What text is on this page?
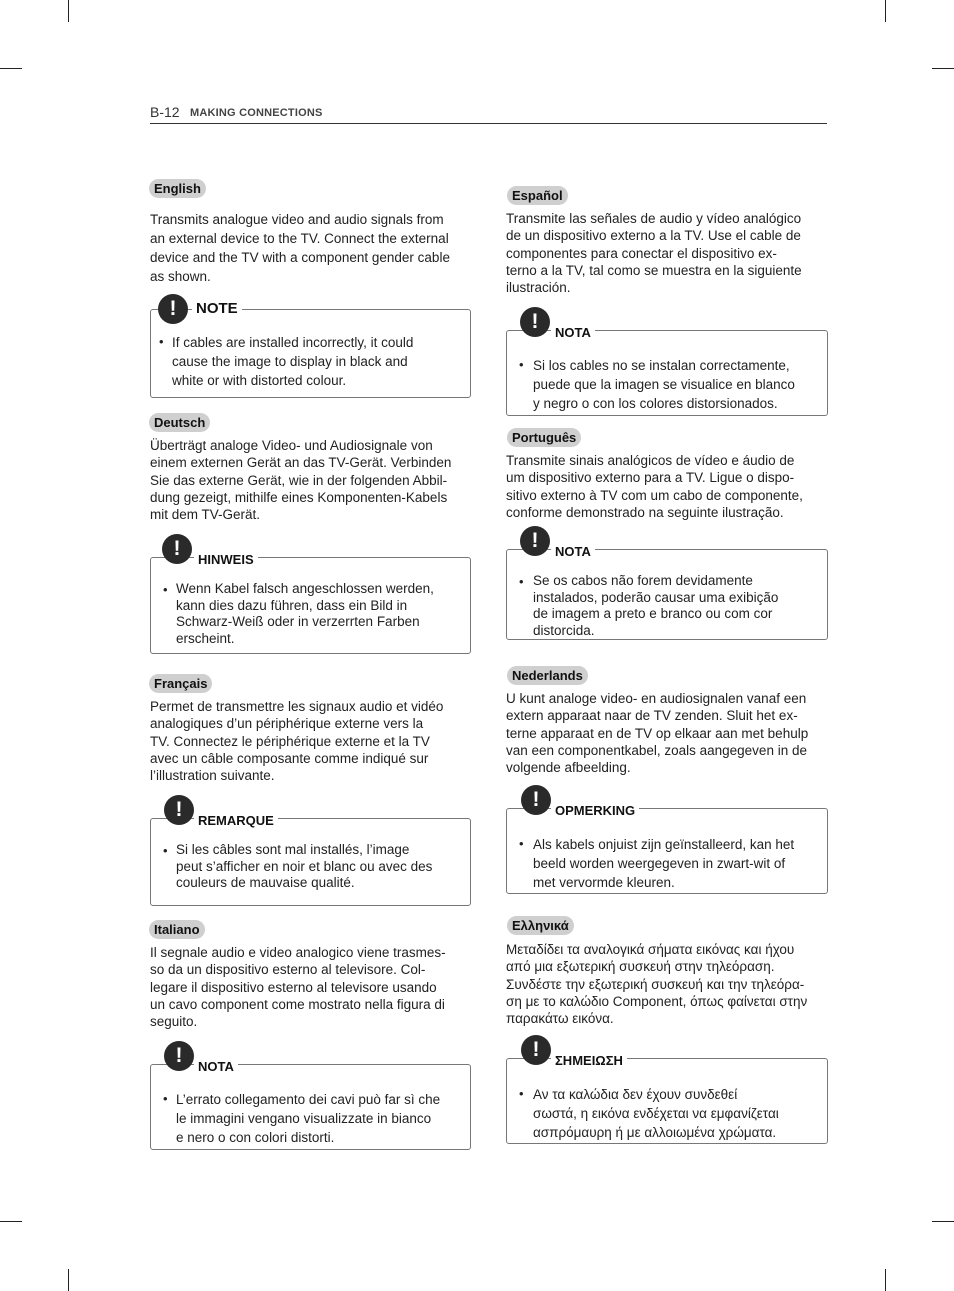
B-12 MAKING CONNECTIONS
English
Transmits analogue video and audio signals from
an external device to the TV. Connect the external
device and the TV with a component gender cable
as shown.
!	NOTE
• If cables are installed incorrectly, it could
cause the image to display in black and
white or with distorted colour.
Deutsch
Überträgt analoge Video- und Audiosignale von
einem externen Gerät an das TV-Gerät. Verbinden
Sie das externe Gerät, wie in der folgenden Abbil-
dung gezeigt, mithilfe eines Komponenten-Kabels
mit dem TV-Gerät.
!	HINWEIS
• Wenn Kabel falsch angeschlossen werden,
kann dies dazu führen, dass ein Bild in
Schwarz-Weiß oder in verzerrten Farben
erscheint.
Français
Permet de transmettre les signaux audio et vidéo
analogiques d’un périphérique externe vers la
TV. Connectez le périphérique externe et la TV
avec un câble composante comme indiqué sur
l’illustration suivante.
!	REMARQUE
• Si les câbles sont mal installés, l’image
peut s’afficher en noir et blanc ou avec des
couleurs de mauvaise qualité.
Italiano
Il segnale audio e video analogico viene trasmes-
so da un dispositivo esterno al televisore. Col-
legare il dispositivo esterno al televisore usando
un cavo component come mostrato nella figura di
seguito.
!	NOTA
• L’errato collegamento dei cavi può far sì che
le immagini vengano visualizzate in bianco
e nero o con colori distorti.
Español
Transmite las señales de audio y vídeo analógico
de un dispositivo externo a la TV. Use el cable de
componentes para conectar el dispositivo ex-
terno a la TV, tal como se muestra en la siguiente
ilustración.
!	NOTA
• Si los cables no se instalan correctamente,
puede que la imagen se visualice en blanco
y negro o con los colores distorsionados.
Português
Transmite sinais analógicos de vídeo e áudio de
um dispositivo externo para a TV. Ligue o dispo-
sitivo externo à TV com um cabo de componente,
conforme demonstrado na seguinte ilustração.
!	NOTA
• Se os cabos não forem devidamente
instalados, poderão causar uma exibição
de imagem a preto e branco ou com cor
distorcida.
Nederlands
U kunt analoge video- en audiosignalen vanaf een
extern apparaat naar de TV zenden. Sluit het ex-
terne apparaat en de TV op elkaar aan met behulp
van een componentkabel, zoals aangegeven in de
volgende afbeelding.
!	OPMERKING
• Als kabels onjuist zijn geïnstalleerd, kan het
beeld worden weergegeven in zwart-wit of
met vervormde kleuren.
Ελληνικά
Μεταδίδει τα αναλογικά σήματα εικόνας και ήχου
από μια εξωτερική συσκευή στην τηλεόραση.
Συνδέστε την εξωτερική συσκευή και την τηλεόρα-
ση με το καλώδιο Component, όπως φαίνεται στην
παρακάτω εικόνα.
!	ΣΗΜΕΙΩΣΗ
• Αν τα καλώδια δεν έχουν συνδεθεί
σωστά, η εικόνα ενδέχεται να εμφανίζεται
ασπρόμαυρη ή με αλλοιωμένα χρώματα.
